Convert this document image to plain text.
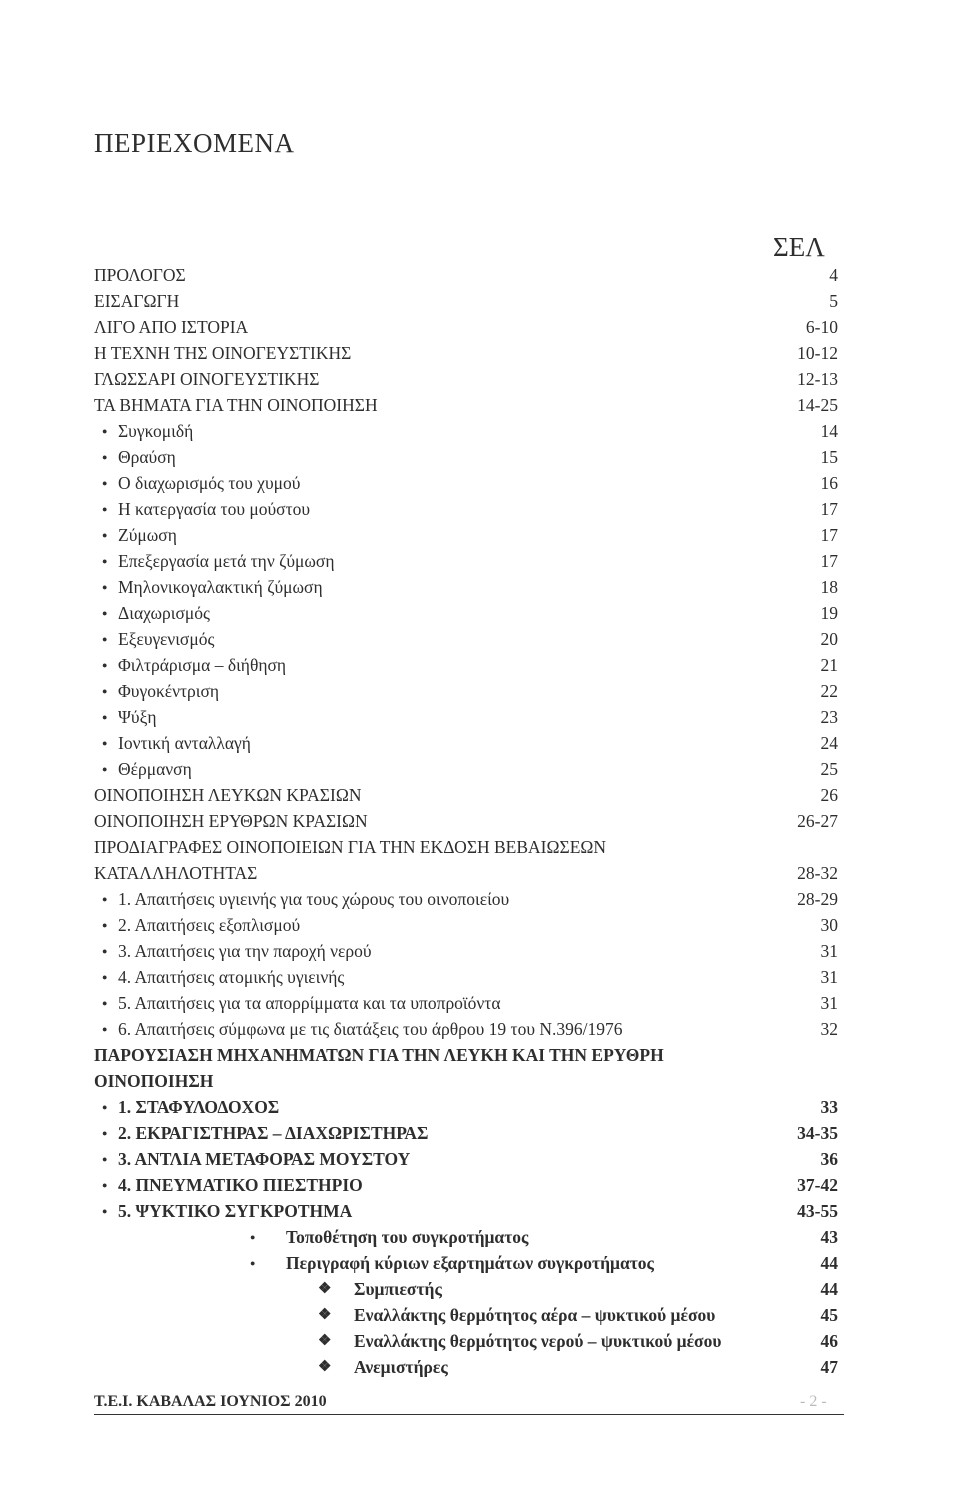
ΠΕΡΙΕΧΟΜΕΝΑ
ΣΕΛ
ΠΡΟΛΟΓΟΣ	4
ΕΙΣΑΓΩΓΗ	5
ΛΙΓΟ ΑΠΟ ΙΣΤΟΡΙΑ	6-10
Η ΤΕΧΝΗ ΤΗΣ ΟΙΝΟΓΕΥΣΤΙΚΗΣ	10-12
ΓΛΩΣΣΑΡΙ ΟΙΝΟΓΕΥΣΤΙΚΗΣ	12-13
ΤΑ ΒΗΜΑΤΑ ΓΙΑ ΤΗΝ ΟΙΝΟΠΟΙΗΣΗ	14-25
● Συγκομιδή	14
● Θραύση	15
● Ο διαχωρισμός του χυμού	16
● Η κατεργασία του μούστου	17
● Ζύμωση	17
● Επεξεργασία μετά την ζύμωση	17
● Μηλονικογαλακτική ζύμωση	18
● Διαχωρισμός	19
● Εξευγενισμός	20
● Φιλτράρισμα – διήθηση	21
● Φυγοκέντριση	22
● Ψύξη	23
● Ιοντική ανταλλαγή	24
● Θέρμανση	25
ΟΙΝΟΠΟΙΗΣΗ ΛΕΥΚΩΝ ΚΡΑΣΙΩΝ	26
ΟΙΝΟΠΟΙΗΣΗ ΕΡΥΘΡΩΝ ΚΡΑΣΙΩΝ	26-27
ΠΡΟΔΙΑΓΡΑΦΕΣ ΟΙΝΟΠΟΙΕΙΩΝ ΓΙΑ ΤΗΝ ΕΚΔΟΣΗ ΒΕΒΑΙΩΣΕΩΝ
ΚΑΤΑΛΛΗΛΟΤΗΤΑΣ	28-32
● 1. Απαιτήσεις υγιεινής για τους χώρους του οινοποιείου	28-29
● 2. Απαιτήσεις εξοπλισμού	30
● 3. Απαιτήσεις για την παροχή νερού	31
● 4. Απαιτήσεις ατομικής υγιεινής	31
● 5. Απαιτήσεις για τα απορρίμματα και τα υποπροϊόντα	31
● 6. Απαιτήσεις σύμφωνα με τις διατάξεις του άρθρου 19 του Ν.396/1976	32
ΠΑΡΟΥΣΙΑΣΗ ΜΗΧΑΝΗΜΑΤΩΝ ΓΙΑ ΤΗΝ ΛΕΥΚΗ ΚΑΙ ΤΗΝ ΕΡΥΘΡΗ
ΟΙΝΟΠΟΙΗΣΗ
● 1. ΣΤΑΦΥΛΟΔΟΧΟΣ	33
● 2. ΕΚΡΑΓΙΣΤΗΡΑΣ – ΔΙΑΧΩΡΙΣΤΗΡΑΣ	34-35
● 3. ΑΝΤΛΙΑ ΜΕΤΑΦΟΡΑΣ ΜΟΥΣΤΟΥ	36
● 4. ΠΝΕΥΜΑΤΙΚΟ ΠΙΕΣΤΗΡΙΟ	37-42
● 5. ΨΥΚΤΙΚΟ ΣΥΓΚΡΟΤΗΜΑ	43-55
● Τοποθέτηση του συγκροτήματος	43
● Περιγραφή κύριων εξαρτημάτων συγκροτήματος	44
❖ Συμπιεστής	44
❖ Εναλλάκτης θερμότητος αέρα – ψυκτικού μέσου	45
❖ Εναλλάκτης θερμότητος νερού – ψυκτικού μέσου	46
❖ Ανεμιστήρες	47
Τ.Ε.Ι. ΚΑΒΑΛΑΣ ΙΟΥΝΙΟΣ 2010	- 2 -
